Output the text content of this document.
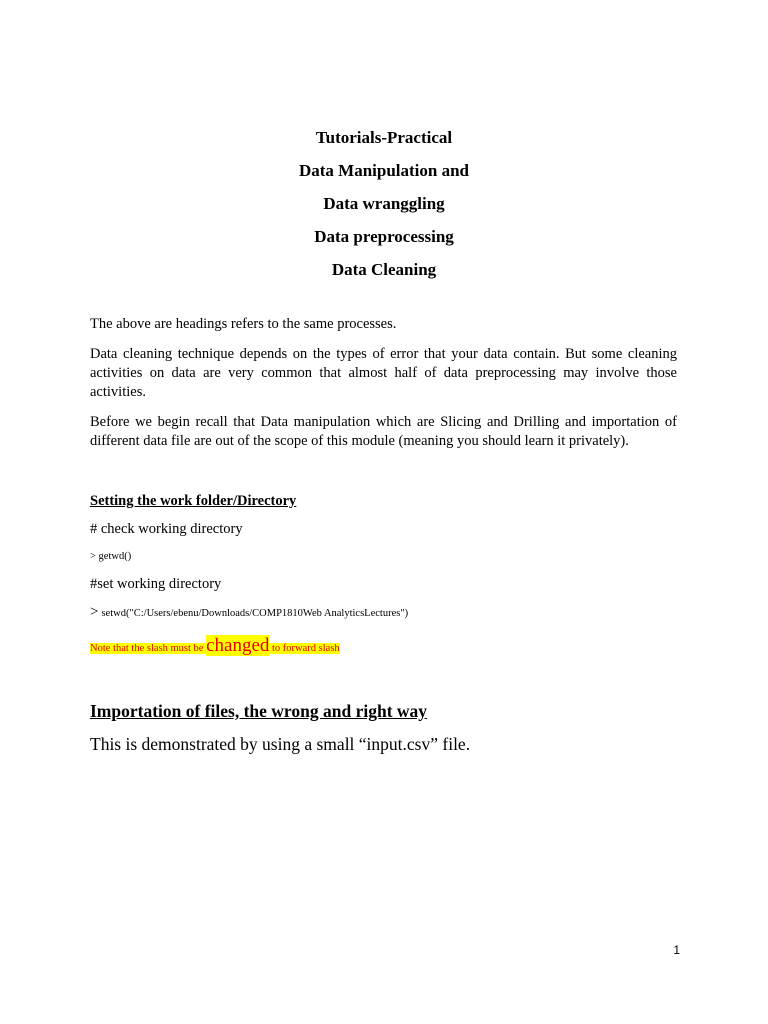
Tutorials-Practical
Data Manipulation and
Data wranggling
Data preprocessing
Data Cleaning
The above are headings refers to the same processes.
Data cleaning technique depends on the types of error that your data contain. But some cleaning activities on data are very common that almost half of data preprocessing may involve those activities.
Before we begin recall that Data manipulation which are Slicing and Drilling and importation of different data file are out of the scope of this module (meaning you should learn it privately).
Setting the work folder/Directory
# check working directory
> getwd()
#set working directory
> setwd("C:/Users/ebenu/Downloads/COMP1810Web AnalyticsLectures")
Note that the slash must be changed to forward slash
Importation of files, the wrong and right way
This is demonstrated by using a small “input.csv” file.
1
